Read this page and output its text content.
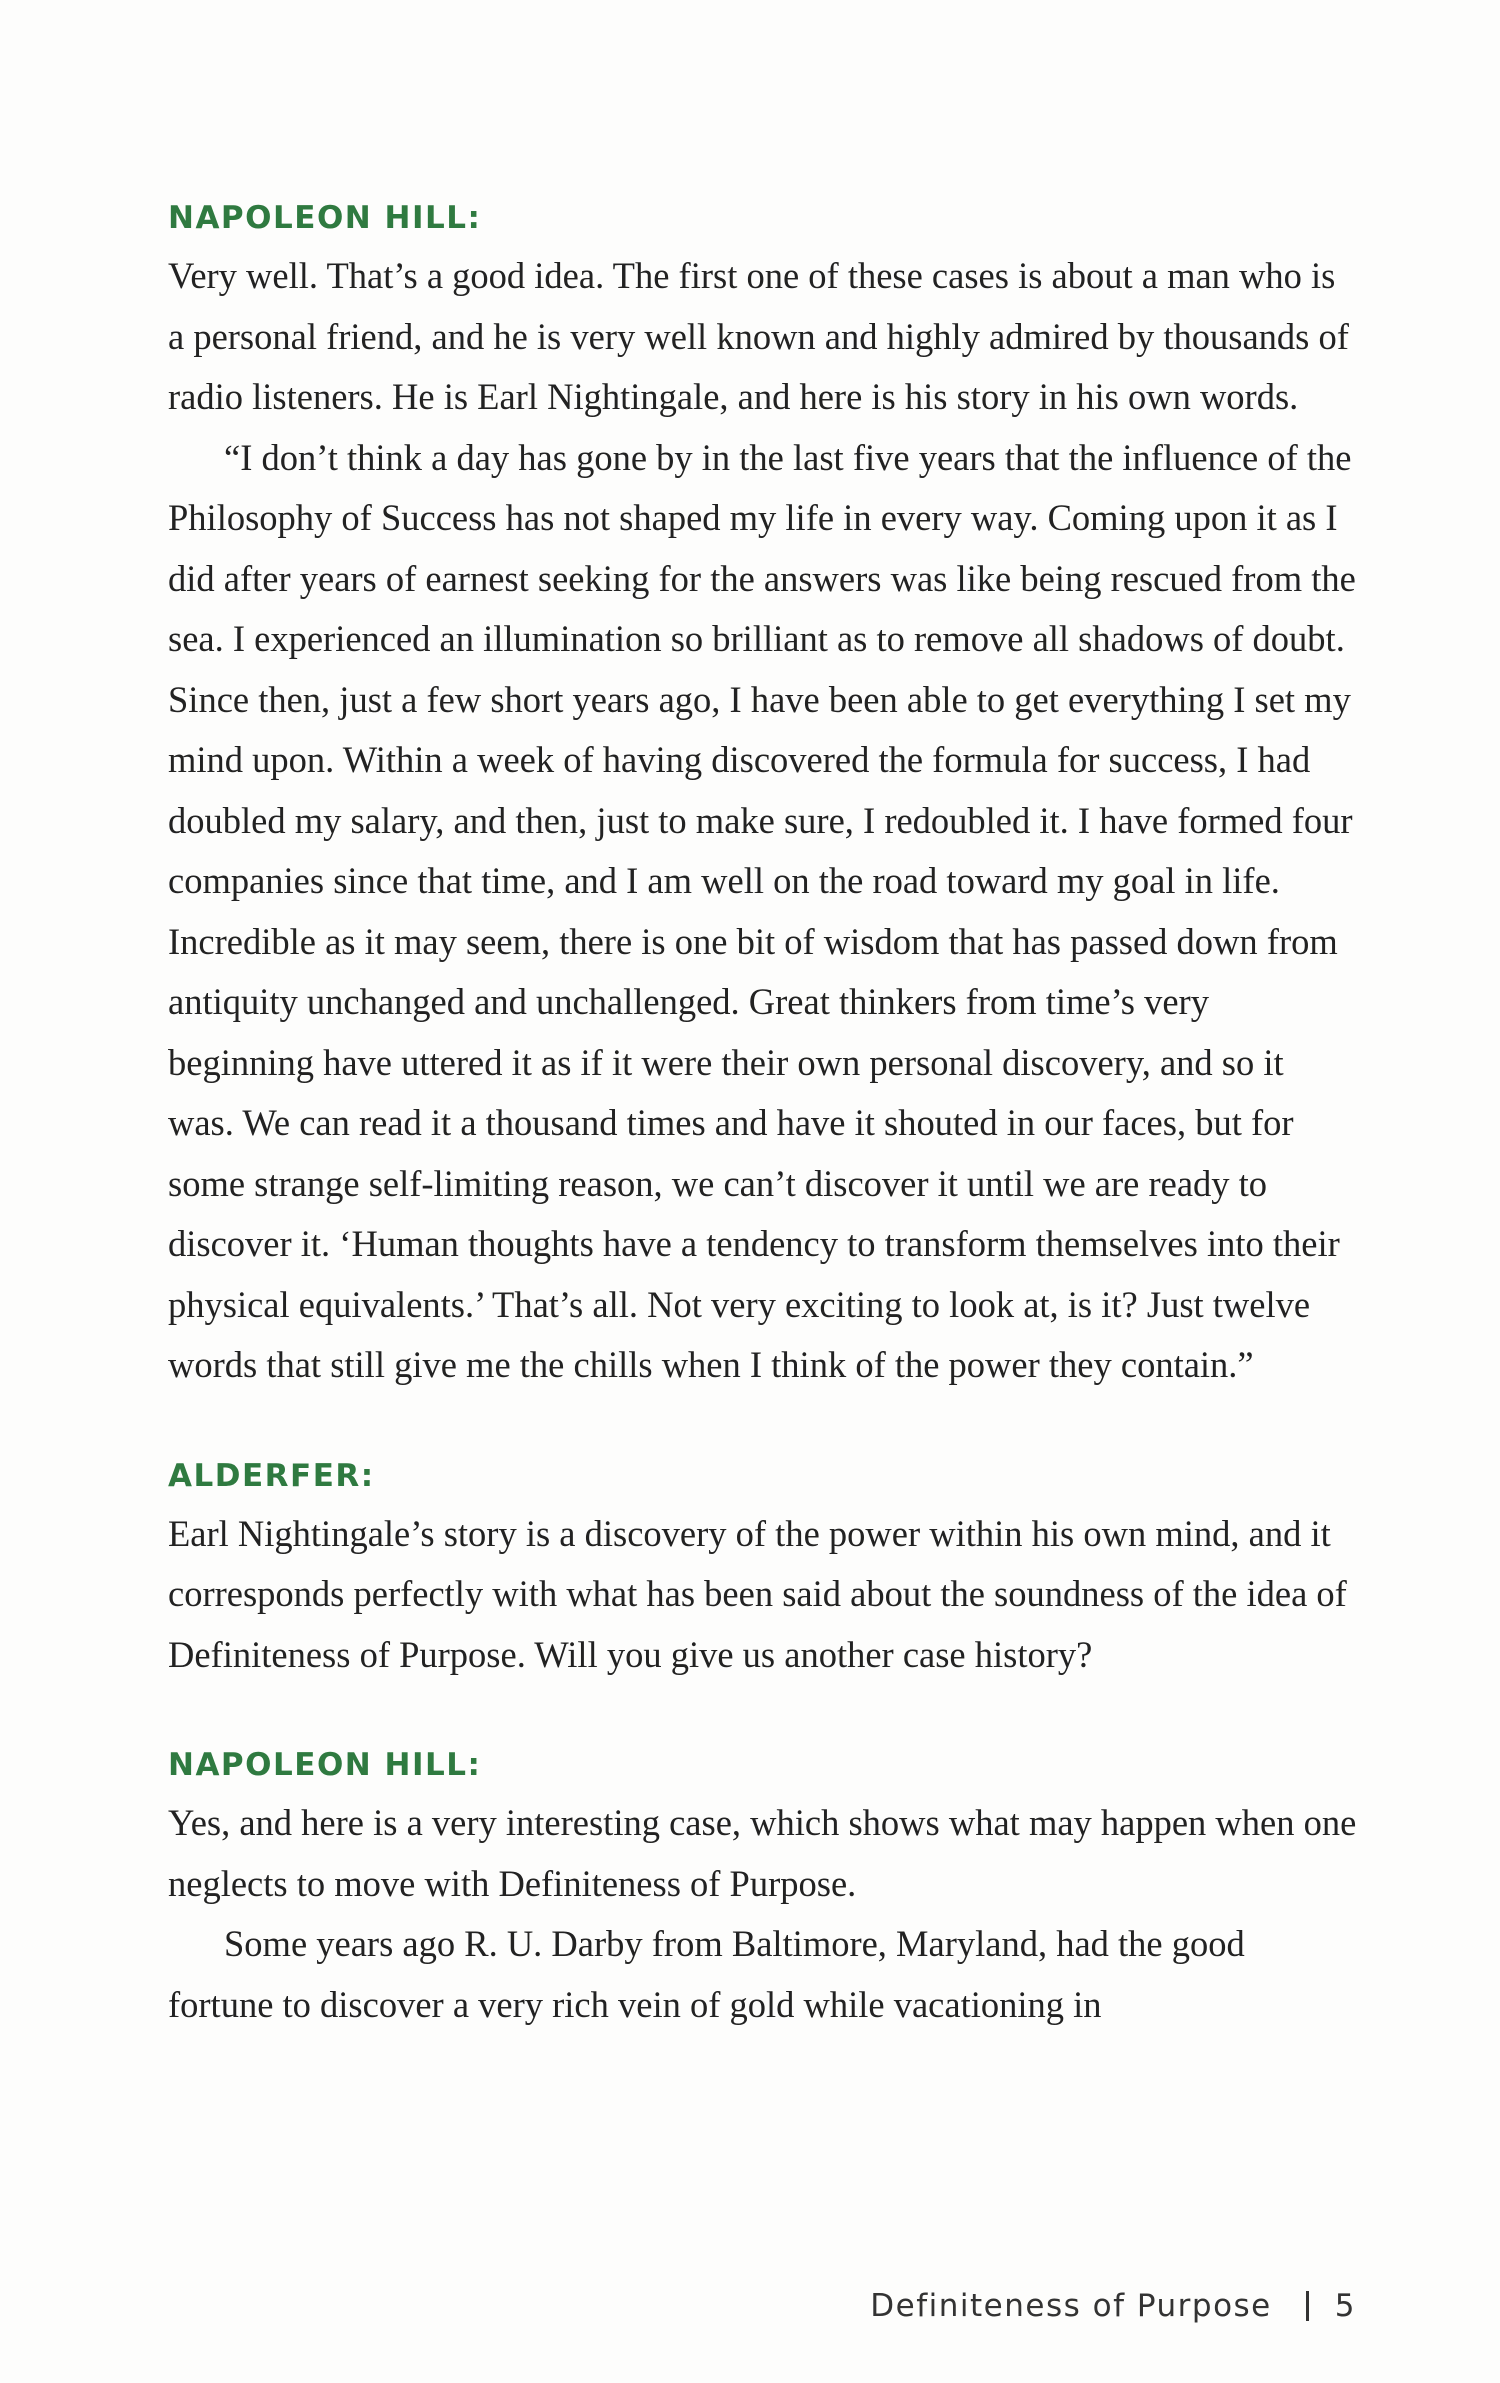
NAPOLEON HILL:

Very well. That’s a good idea. The first one of these cases is about a man who is a personal friend, and he is very well known and highly admired by thousands of radio listeners. He is Earl Nightingale, and here is his story in his own words.

“I don’t think a day has gone by in the last five years that the influence of the Philosophy of Success has not shaped my life in every way. Coming upon it as I did after years of earnest seeking for the answers was like being rescued from the sea. I experienced an illumination so brilliant as to remove all shadows of doubt. Since then, just a few short years ago, I have been able to get everything I set my mind upon. Within a week of having discovered the formula for success, I had doubled my salary, and then, just to make sure, I redoubled it. I have formed four companies since that time, and I am well on the road toward my goal in life. Incredible as it may seem, there is one bit of wisdom that has passed down from antiquity unchanged and unchallenged. Great thinkers from time’s very beginning have uttered it as if it were their own personal discovery, and so it was. We can read it a thousand times and have it shouted in our faces, but for some strange self-limiting reason, we can’t discover it until we are ready to discover it. ‘Human thoughts have a tendency to transform themselves into their physical equivalents.’ That’s all. Not very exciting to look at, is it? Just twelve words that still give me the chills when I think of the power they contain.”

ALDERFER:

Earl Nightingale’s story is a discovery of the power within his own mind, and it corresponds perfectly with what has been said about the soundness of the idea of Definiteness of Purpose. Will you give us another case history?

NAPOLEON HILL:

Yes, and here is a very interesting case, which shows what may happen when one neglects to move with Definiteness of Purpose.

Some years ago R. U. Darby from Baltimore, Maryland, had the good fortune to discover a very rich vein of gold while vacationing in

Definiteness of Purpose 5
